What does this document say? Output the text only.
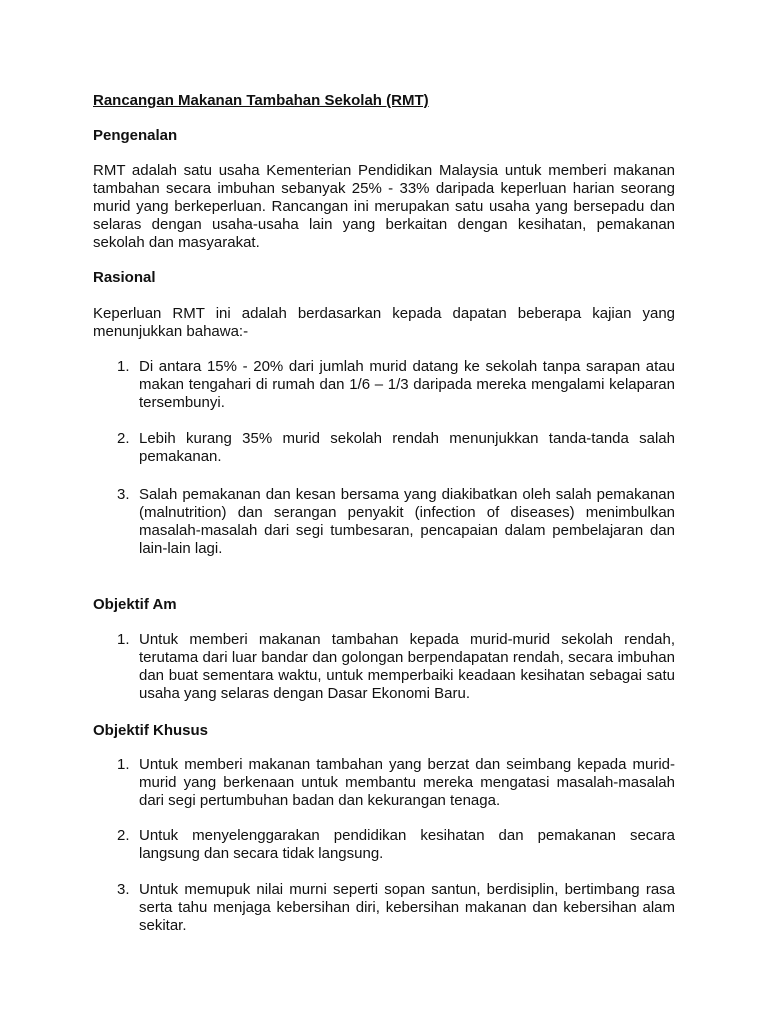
Rancangan Makanan Tambahan Sekolah (RMT)

Pengenalan

RMT adalah satu usaha Kementerian Pendidikan Malaysia untuk memberi makanan tambahan secara imbuhan sebanyak 25% - 33% daripada keperluan harian seorang murid yang berkeperluan. Rancangan ini merupakan satu usaha yang bersepadu dan selaras dengan usaha-usaha lain yang berkaitan dengan kesihatan, pemakanan sekolah dan masyarakat.

Rasional

Keperluan RMT ini adalah berdasarkan kepada dapatan beberapa kajian yang menunjukkan bahawa:-

1. Di antara 15% - 20% dari jumlah murid datang ke sekolah tanpa sarapan atau makan tengahari di rumah dan 1/6 – 1/3 daripada mereka mengalami kelaparan tersembunyi.
2. Lebih kurang 35% murid sekolah rendah menunjukkan tanda-tanda salah pemakanan.
3. Salah pemakanan dan kesan bersama yang diakibatkan oleh salah pemakanan (malnutrition) dan serangan penyakit (infection of diseases) menimbulkan masalah-masalah dari segi tumbesaran, pencapaian dalam pembelajaran dan lain-lain lagi.

Objektif Am

1. Untuk memberi makanan tambahan kepada murid-murid sekolah rendah, terutama dari luar bandar dan golongan berpendapatan rendah, secara imbuhan dan buat sementara waktu, untuk memperbaiki keadaan kesihatan sebagai satu usaha yang selaras dengan Dasar Ekonomi Baru.

Objektif Khusus

1. Untuk memberi makanan tambahan yang berzat dan seimbang kepada murid-murid yang berkenaan untuk membantu mereka mengatasi masalah-masalah dari segi pertumbuhan badan dan kekurangan tenaga.
2. Untuk menyelenggarakan pendidikan kesihatan dan pemakanan secara langsung dan secara tidak langsung.
3. Untuk memupuk nilai murni seperti sopan santun, berdisiplin, bertimbang rasa serta tahu menjaga kebersihan diri, kebersihan makanan dan kebersihan alam sekitar.
